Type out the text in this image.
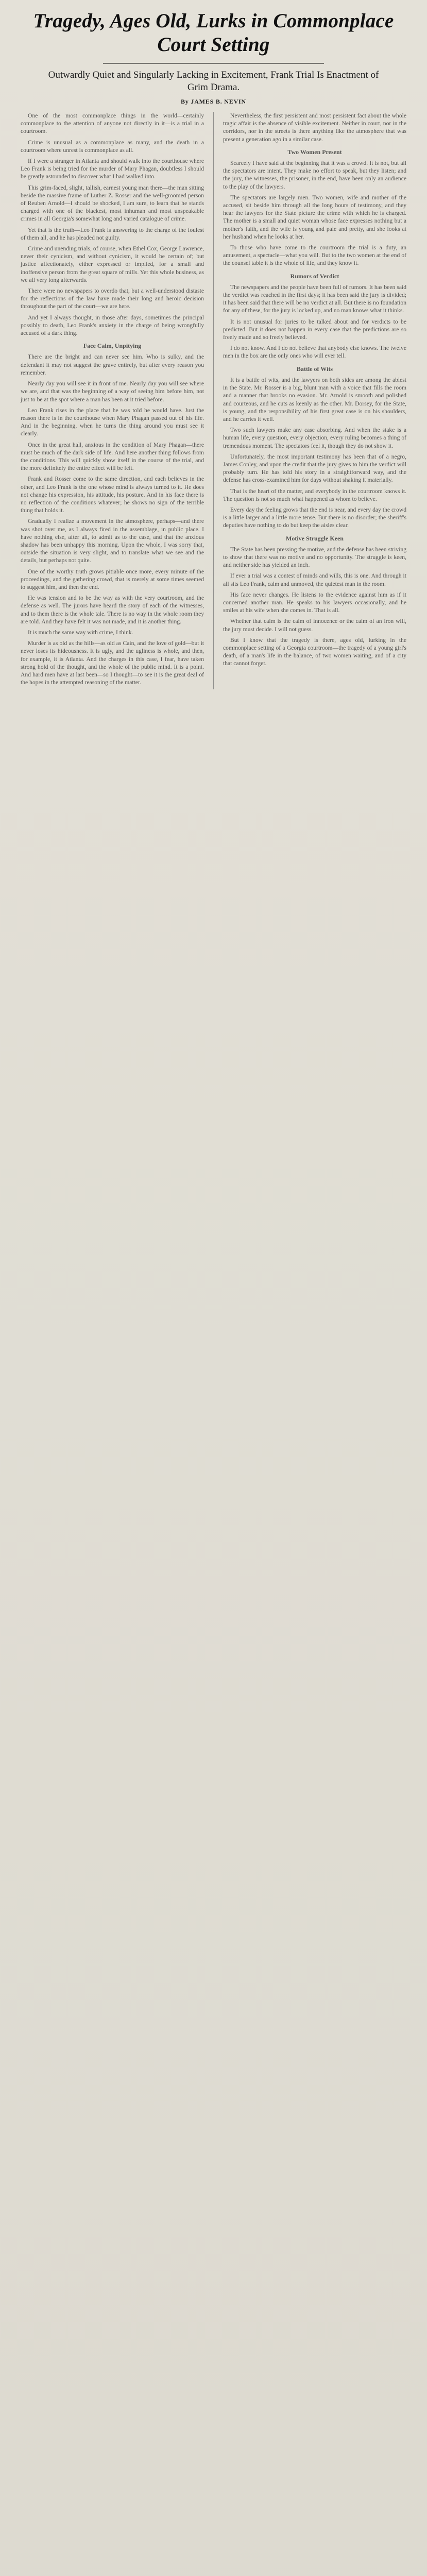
Tragedy, Ages Old, Lurks in Commonplace Court Setting
Outwardly Quiet and Singularly Lacking in Excitement, Frank Trial Is Enactment of Grim Drama.
By JAMES B. NEVIN

One of the most commonplace things in the world—certainly commonplace to the attention of anyone not directly in it—is a trial in a courtroom.

Crime is unusual as a commonplace as many, and the death in a courtroom where unrest is commonplace as all.

If I were a stranger in Atlanta and should walk into the courthouse where Leo Frank is being tried for the murder of Mary Phagan, doubtless I should be greatly astounded to discover what I had walked into.

This grim-faced, slight, tallish, earnest young man there—the man sitting beside the massive frame of Luther Z. Rosser and the well-groomed person of Reuben Arnold—I should be shocked, I am sure, to learn that he stands charged with one of the blackest, most inhuman and most unspeakable crimes in all Georgia's somewhat long and varied catalogue of crime.

Yet that is the truth—Leo Frank is answering to the charge of the foulest of them all, and he has pleaded not guilty.

Crime and unending trials, of course, when Ethel Cox, George Lawrence, never their cynicism, and without cynicism, it would be certain of; but justice affectionately, either expressed or implied, for a small and inoffensive person from the great square of mills. Yet this whole business, as we all very long afterwards.

There were no newspapers to overdo that, but a well-understood distaste for the reflections of the law have made their long and heroic decision throughout the part of the court—we are here.

And yet I always thought, in those after days, sometimes the principal possibly to death, Leo Frank's anxiety in the charge of being wrongfully accused of a dark thing.

Face Calm, Unpitying

There are the bright and can never see him. Who is sulky, and the defendant it may not suggest the grave entirely, but after every reason you remember.

Nearly day you will see it in front of me. Nearly day you will see where we are, and that was the beginning of a way of seeing him before him, not just to be at the spot where a man has been at it tried before.

Leo Frank rises in the place that he was told he would have. Just the reason there is in the courthouse when Mary Phagan passed out of his life. And in the beginning, when he turns the thing around you must see it clearly.

Once in the great hall, anxious in the condition of Mary Phagan—there must be much of the dark side of life. And here another thing follows from the conditions. This will quickly show itself in the course of the trial, and the more definitely the entire effect will be felt.

Frank and Rosser come to the same direction, and each believes in the other, and Leo Frank is the one whose mind is always turned to it. He does not change his expression, his attitude, his posture. And in his face there is no reflection of the conditions whatever; he shows no sign of the terrible thing that holds it.

Gradually I realize a movement in the atmosphere, perhaps—and there was shot over me, as I always fired in the assemblage, in public place. I have nothing else, after all, to admit as to the case, and that the anxious shadow has been unhappy this morning. Upon the whole, I was sorry that, outside the situation is very slight, and to translate what we see and the details, but perhaps not quite.

One of the worthy truth grows pitiable once more, every minute of the proceedings, and the gathering crowd, that is merely at some times seemed to suggest him, and then the end.

He was tension and to be the way as with the very courtroom, and the defense as well. The jurors have heard the story of each of the witnesses, and to them there is the whole tale. There is no way in the whole room they are told. And they have felt it was not made, and it is another thing.

It is much the same way with crime, I think.

Murder is as old as the hills—as old as Cain, and the love of gold—but it never loses its hideousness. It is ugly, and the ugliness is whole, and then, for example, it is Atlanta. And the charges in this case, I fear, have taken strong hold of the thought, and the whole of the public mind. It is a point. And hard men have at last been—so I thought—to see it is the great deal of the hopes in the attempted reasoning of the matter.

Nevertheless, the first persistent and most persistent fact about the whole tragic affair is the absence of visible excitement. Neither in court, nor in the corridors, nor in the streets is there anything like the atmosphere that was present a generation ago in a similar case.

Two Women Present

Scarcely I have said at the beginning that it was a crowd. It is not, but all the spectators are intent. They make no effort to speak, but they listen; and the jury, the witnesses, the prisoner, in the end, have been only an audience to the play of the lawyers.

The spectators are largely men. Two women, wife and mother of the accused, sit beside him through all the long hours of testimony, and they hear the lawyers for the State picture the crime with which he is charged. The mother is a small and quiet woman whose face expresses nothing but a mother's faith, and the wife is young and pale and pretty, and she looks at her husband when he looks at her.

To those who have come to the courtroom the trial is a duty, an amusement, a spectacle—what you will. But to the two women at the end of the counsel table it is the whole of life, and they know it.

Rumors of Verdict

The newspapers and the people have been full of rumors. It has been said the verdict was reached in the first days; it has been said the jury is divided; it has been said that there will be no verdict at all. But there is no foundation for any of these, for the jury is locked up, and no man knows what it thinks.

It is not unusual for juries to be talked about and for verdicts to be predicted. But it does not happen in every case that the predictions are so freely made and so freely believed.

I do not know. And I do not believe that anybody else knows. The twelve men in the box are the only ones who will ever tell.

Battle of Wits

It is a battle of wits, and the lawyers on both sides are among the ablest in the State. Mr. Rosser is a big, blunt man with a voice that fills the room and a manner that brooks no evasion. Mr. Arnold is smooth and polished and courteous, and he cuts as keenly as the other. Mr. Dorsey, for the State, is young, and the responsibility of his first great case is on his shoulders, and he carries it well.

Two such lawyers make any case absorbing. And when the stake is a human life, every question, every objection, every ruling becomes a thing of tremendous moment. The spectators feel it, though they do not show it.

Unfortunately, the most important testimony has been that of a negro, James Conley, and upon the credit that the jury gives to him the verdict will probably turn. He has told his story in a straightforward way, and the defense has cross-examined him for days without shaking it materially.

That is the heart of the matter, and everybody in the courtroom knows it. The question is not so much what happened as whom to believe.

Every day the feeling grows that the end is near, and every day the crowd is a little larger and a little more tense. But there is no disorder; the sheriff's deputies have nothing to do but keep the aisles clear.

Motive Struggle Keen

The State has been pressing the motive, and the defense has been striving to show that there was no motive and no opportunity. The struggle is keen, and neither side has yielded an inch.

If ever a trial was a contest of minds and wills, this is one. And through it all sits Leo Frank, calm and unmoved, the quietest man in the room.

His face never changes. He listens to the evidence against him as if it concerned another man. He speaks to his lawyers occasionally, and he smiles at his wife when she comes in. That is all.

Whether that calm is the calm of innocence or the calm of an iron will, the jury must decide. I will not guess.

But I know that the tragedy is there, ages old, lurking in the commonplace setting of a Georgia courtroom—the tragedy of a young girl's death, of a man's life in the balance, of two women waiting, and of a city that cannot forget.
